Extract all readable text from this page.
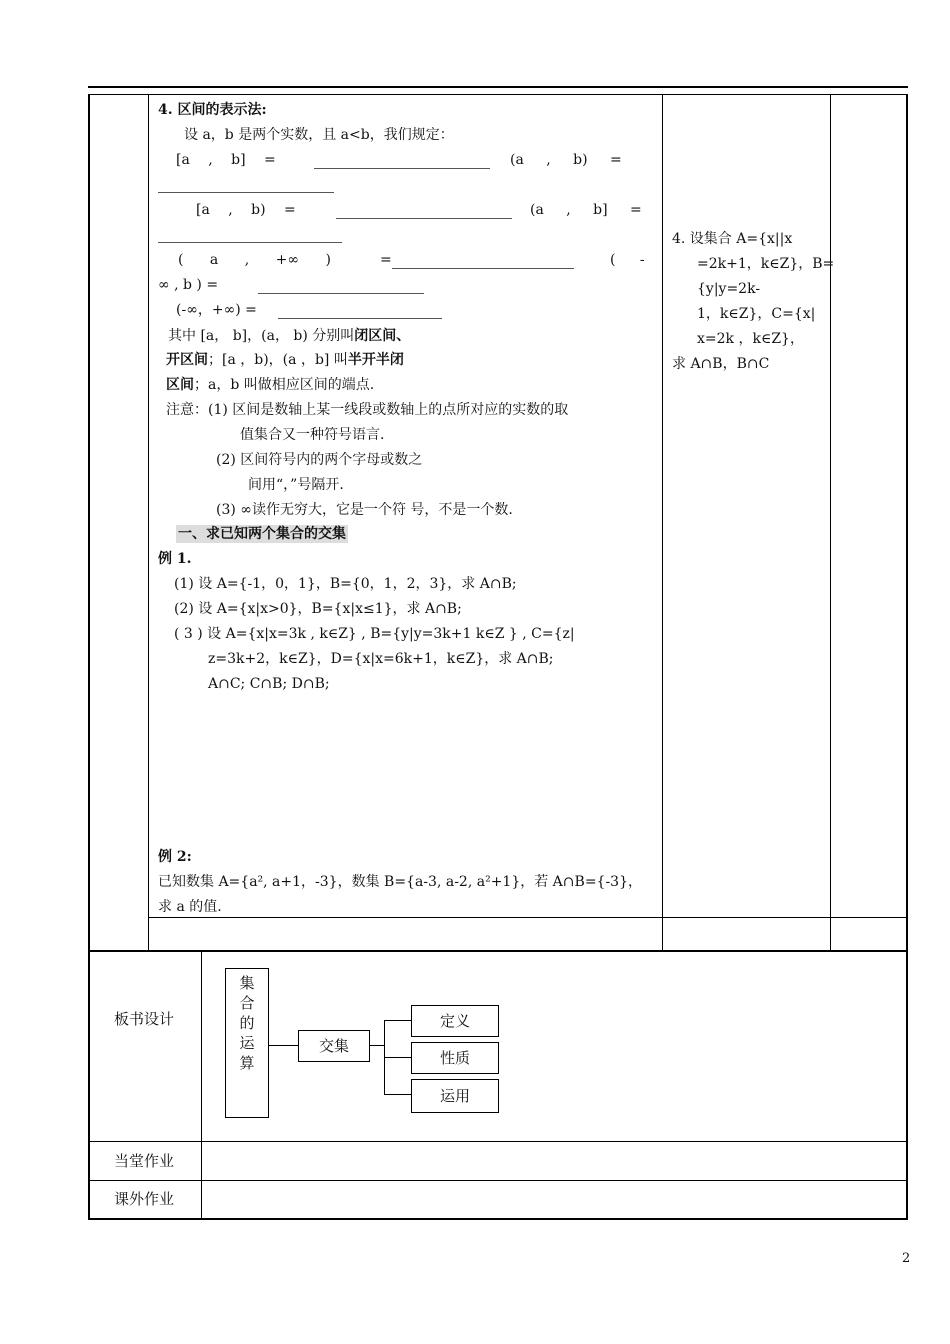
4. 区间的表示法:
设 a，b 是两个实数，且 a<b，我们规定：
[a , b] =	(a , b) =
[a , b) =	(a , b] =
( a , +∞ )	=	( -
∞ , b ) =
(-∞，+∞) =
其中 [a， b]，(a， b) 分别叫闭区间、
开区间；[a ，b)，(a ，b] 叫半开半闭
区间；a，b 叫做相应区间的端点.
注意：(1) 区间是数轴上某一线段或数轴上的点所对应的实数的取
值集合又一种符号语言.
(2) 区间符号内的两个字母或数之
间用“，”号隔开.
(3) ∞读作无穷大，它是一个符 号，不是一个数.
一、求已知两个集合的交集
例 1.
(1) 设 A={-1，0，1}，B={0，1，2，3}，求 A∩B;
(2) 设 A={x|x>0}，B={x|x≤1}，求 A∩B;
( 3 ) 设 A={x|x=3k , k∈Z} , B={y|y=3k+1 k∈Z } , C={z|
z=3k+2，k∈Z}，D={x|x=6k+1，k∈Z}，求 A∩B;
A∩C; C∩B; D∩B;
例 2:
已知数集 A={a², a+1，-3}，数集 B={a-3, a-2, a²+1}，若 A∩B={-3}，
求 a 的值.
4. 设集合 A={x||x
=2k+1，k∈Z}，B=
{y|y=2k-
1，k∈Z}，C={x|
x=2k ，k∈Z}，
求 A∩B，B∩C
板书设计
集合的运算
交集
定义
性质
运用
当堂作业
课外作业
2
